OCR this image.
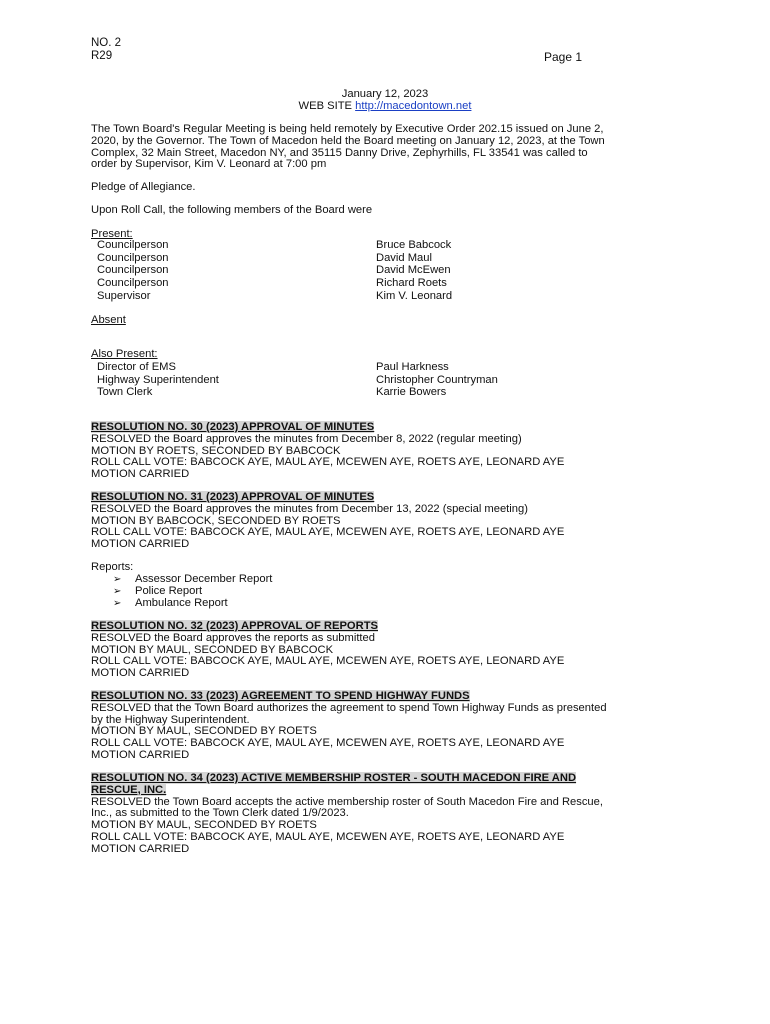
NO. 2
R29	Page 1
January 12, 2023
WEB SITE http://macedontown.net
The Town Board's Regular Meeting is being held remotely by Executive Order 202.15 issued on June 2,
2020, by the Governor. The Town of Macedon held the Board meeting on January 12, 2023, at the Town
Complex, 32 Main Street, Macedon NY, and 35115 Danny Drive, Zephyrhills, FL 33541 was called to
order by Supervisor, Kim V. Leonard at 7:00 pm
Pledge of Allegiance.
Upon Roll Call, the following members of the Board were
Present:
Councilperson	Bruce Babcock
Councilperson	David Maul
Councilperson	David McEwen
Councilperson	Richard Roets
Supervisor	Kim V. Leonard
Absent
Also Present:
Director of EMS	Paul Harkness
Highway Superintendent	Christopher Countryman
Town Clerk	Karrie Bowers
RESOLUTION NO. 30 (2023) APPROVAL OF MINUTES
RESOLVED the Board approves the minutes from December 8, 2022 (regular meeting)
MOTION BY ROETS, SECONDED BY BABCOCK
ROLL CALL VOTE: BABCOCK AYE, MAUL AYE, MCEWEN AYE, ROETS AYE, LEONARD AYE
MOTION CARRIED
RESOLUTION NO. 31 (2023) APPROVAL OF MINUTES
RESOLVED the Board approves the minutes from December 13, 2022 (special meeting)
MOTION BY BABCOCK, SECONDED BY ROETS
ROLL CALL VOTE: BABCOCK AYE, MAUL AYE, MCEWEN AYE, ROETS AYE, LEONARD AYE
MOTION CARRIED
Reports:
➢ Assessor December Report
➢ Police Report
➢ Ambulance Report
RESOLUTION NO. 32 (2023) APPROVAL OF REPORTS
RESOLVED the Board approves the reports as submitted
MOTION BY MAUL, SECONDED BY BABCOCK
ROLL CALL VOTE: BABCOCK AYE, MAUL AYE, MCEWEN AYE, ROETS AYE, LEONARD AYE
MOTION CARRIED
RESOLUTION NO. 33 (2023) AGREEMENT TO SPEND HIGHWAY FUNDS
RESOLVED that the Town Board authorizes the agreement to spend Town Highway Funds as presented
by the Highway Superintendent.
MOTION BY MAUL, SECONDED BY ROETS
ROLL CALL VOTE: BABCOCK AYE, MAUL AYE, MCEWEN AYE, ROETS AYE, LEONARD AYE
MOTION CARRIED
RESOLUTION NO. 34 (2023) ACTIVE MEMBERSHIP ROSTER - SOUTH MACEDON FIRE AND
RESCUE, INC.
RESOLVED the Town Board accepts the active membership roster of South Macedon Fire and Rescue,
Inc., as submitted to the Town Clerk dated 1/9/2023.
MOTION BY MAUL, SECONDED BY ROETS
ROLL CALL VOTE: BABCOCK AYE, MAUL AYE, MCEWEN AYE, ROETS AYE, LEONARD AYE
MOTION CARRIED
